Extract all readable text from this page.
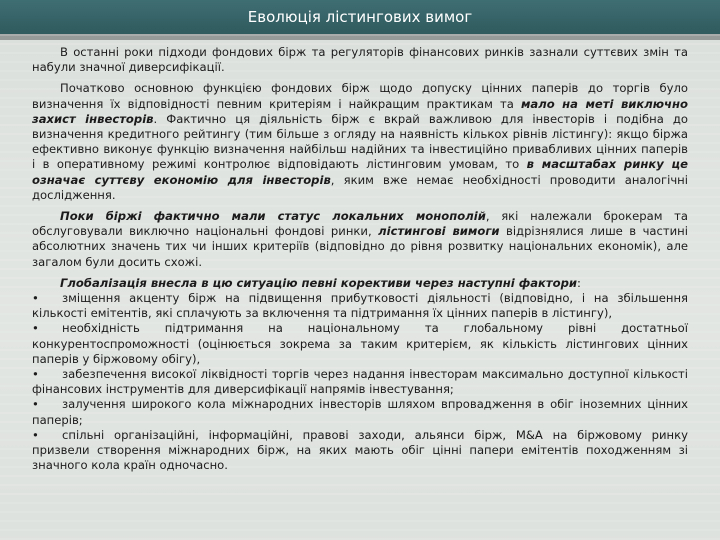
Еволюція лістингових вимог

В останні роки підходи фондових бірж та регуляторів фінансових ринків зазнали суттєвих змін та набули значної диверсифікації.

Початково основною функцією фондових бірж щодо допуску цінних паперів до торгів було визначення їх відповідності певним критеріям і найкращим практикам та мало на меті виключно захист інвесторів. Фактично ця діяльність бірж є вкрай важливою для інвесторів і подібна до визначення кредитного рейтингу (тим більше з огляду на наявність кількох рівнів лістингу): якщо біржа ефективно виконує функцію визначення найбільш надійних та інвестиційно привабливих цінних паперів і в оперативному режимі контролює відповідають лістинговим умовам, то в масштабах ринку це означає суттєву економію для інвесторів, яким вже немає необхідності проводити аналогічні дослідження.

Поки біржі фактично мали статус локальних монополій, які належали брокерам та обслуговували виключно національні фондові ринки, лістингові вимоги відрізнялися лише в частині абсолютних значень тих чи інших критеріїв (відповідно до рівня розвитку національних економік), але загалом були досить схожі.

Глобалізація внесла в цю ситуацію певні корективи через наступні фактори:

• зміщення акценту бірж на підвищення прибутковості діяльності (відповідно, і на збільшення кількості емітентів, які сплачують за включення та підтримання їх цінних паперів в лістингу),

• необхідність підтримання на національному та глобальному рівні достатньої конкурентоспроможності (оцінюється зокрема за таким критерієм, як кількість лістингових цінних паперів у біржовому обігу),

• забезпечення високої ліквідності торгів через надання інвесторам максимально доступної кількості фінансових інструментів для диверсифікації напрямів інвестування;

• залучення широкого кола міжнародних інвесторів шляхом впровадження в обіг іноземних цінних паперів;

• спільні організаційні, інформаційні, правові заходи, альянси бірж, M&A на біржовому ринку призвели створення міжнародних бірж, на яких мають обіг цінні папери емітентів походженням зі значного кола країн одночасно.
